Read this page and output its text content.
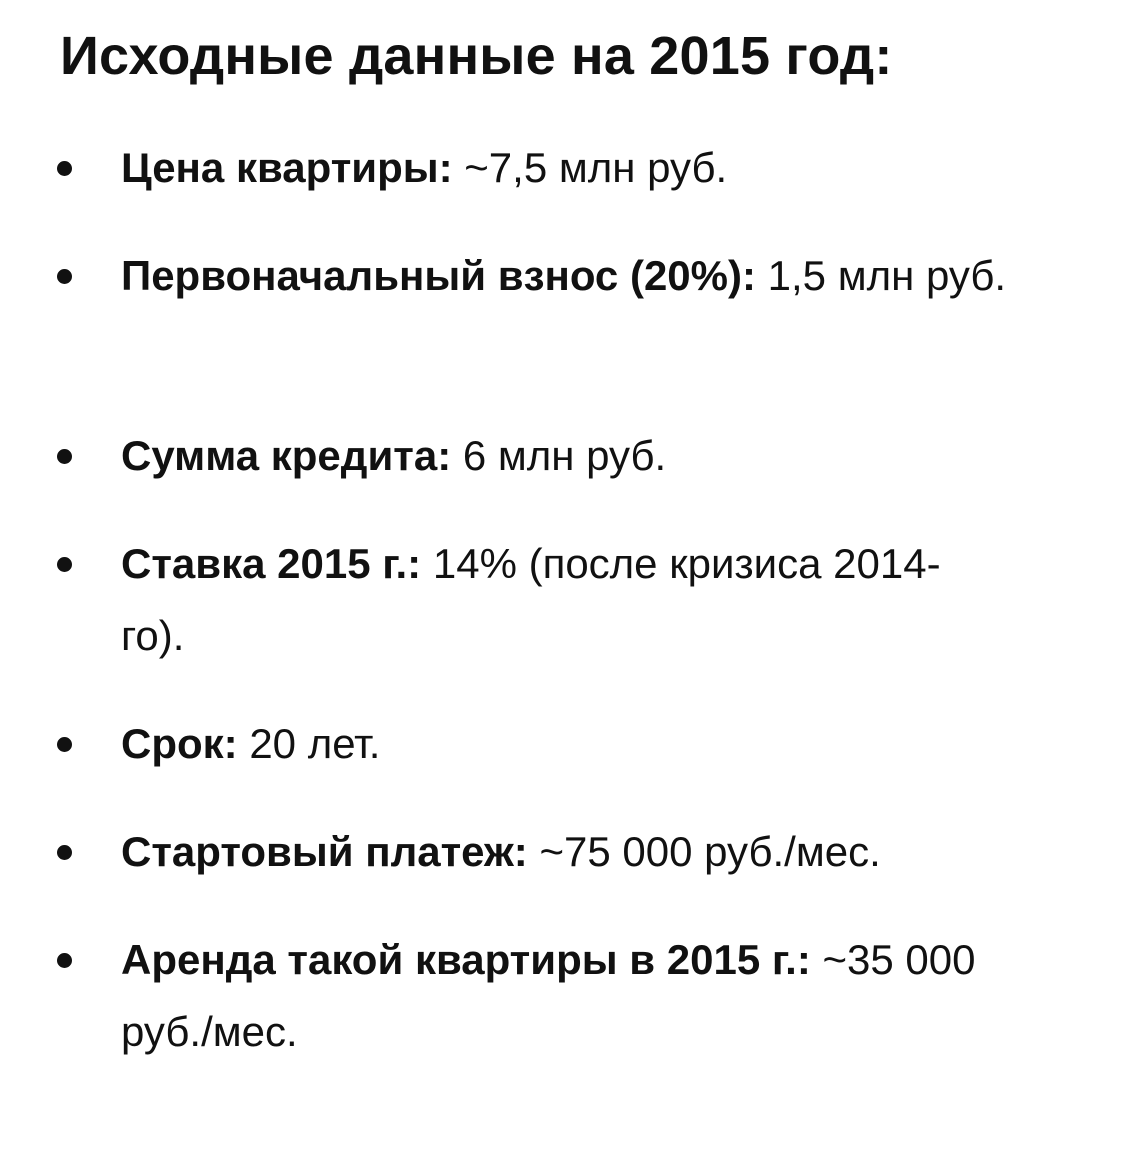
Исходные данные на 2015 год:
Цена квартиры: ~7,5 млн руб.
Первоначальный взнос (20%): 1,5 млн руб.
Сумма кредита: 6 млн руб.
Ставка 2015 г.: 14% (после кризиса 2014-го).
Срок: 20 лет.
Стартовый платеж: ~75 000 руб./мес.
Аренда такой квартиры в 2015 г.: ~35 000 руб./мес.
